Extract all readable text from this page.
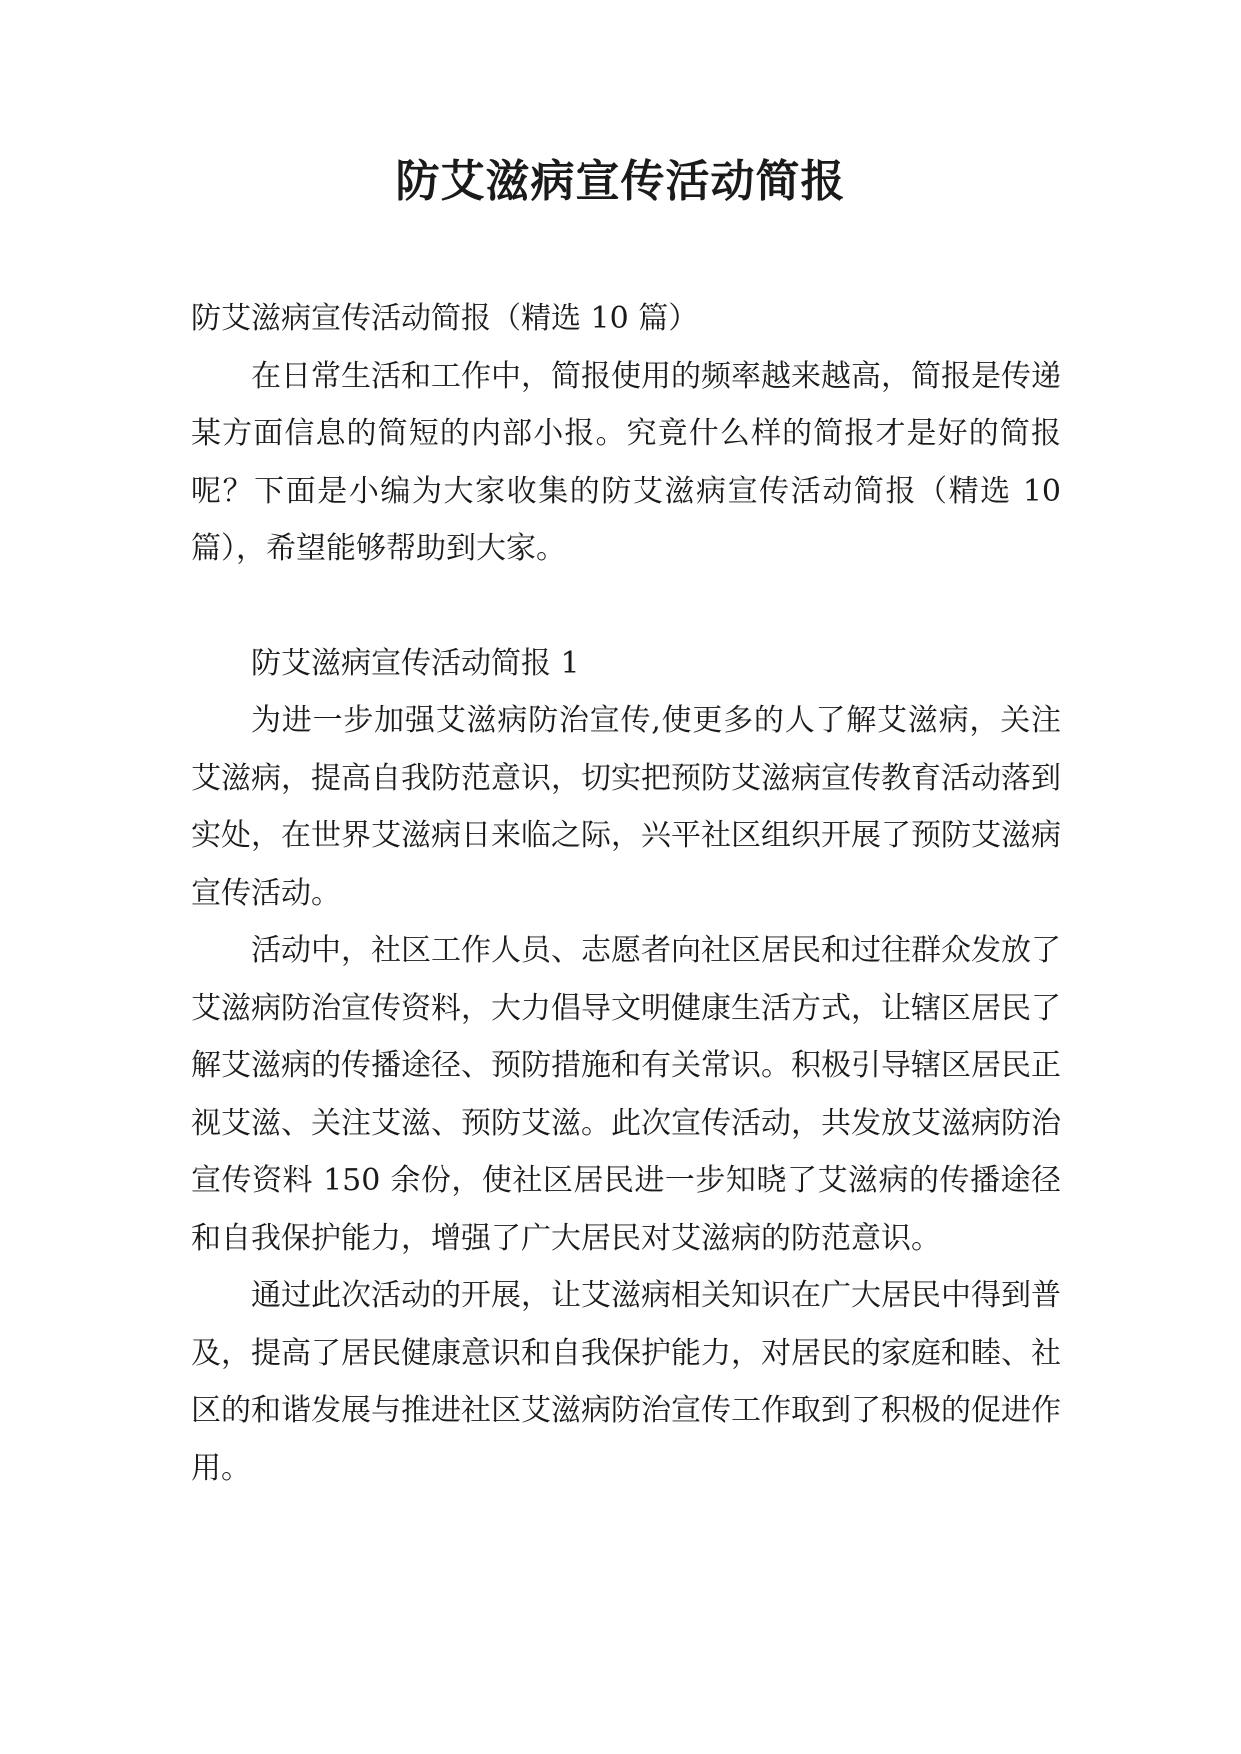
防艾滋病宣传活动简报

防艾滋病宣传活动简报（精选 10 篇）

在日常生活和工作中，简报使用的频率越来越高，简报是传递某方面信息的简短的内部小报。究竟什么样的简报才是好的简报呢？下面是小编为大家收集的防艾滋病宣传活动简报（精选 10 篇），希望能够帮助到大家。

防艾滋病宣传活动简报 1

为进一步加强艾滋病防治宣传,使更多的人了解艾滋病，关注艾滋病，提高自我防范意识，切实把预防艾滋病宣传教育活动落到实处，在世界艾滋病日来临之际，兴平社区组织开展了预防艾滋病宣传活动。

活动中，社区工作人员、志愿者向社区居民和过往群众发放了艾滋病防治宣传资料，大力倡导文明健康生活方式，让辖区居民了解艾滋病的传播途径、预防措施和有关常识。积极引导辖区居民正视艾滋、关注艾滋、预防艾滋。此次宣传活动，共发放艾滋病防治宣传资料 150 余份，使社区居民进一步知晓了艾滋病的传播途径和自我保护能力，增强了广大居民对艾滋病的防范意识。

通过此次活动的开展，让艾滋病相关知识在广大居民中得到普及，提高了居民健康意识和自我保护能力，对居民的家庭和睦、社区的和谐发展与推进社区艾滋病防治宣传工作取到了积极的促进作用。
